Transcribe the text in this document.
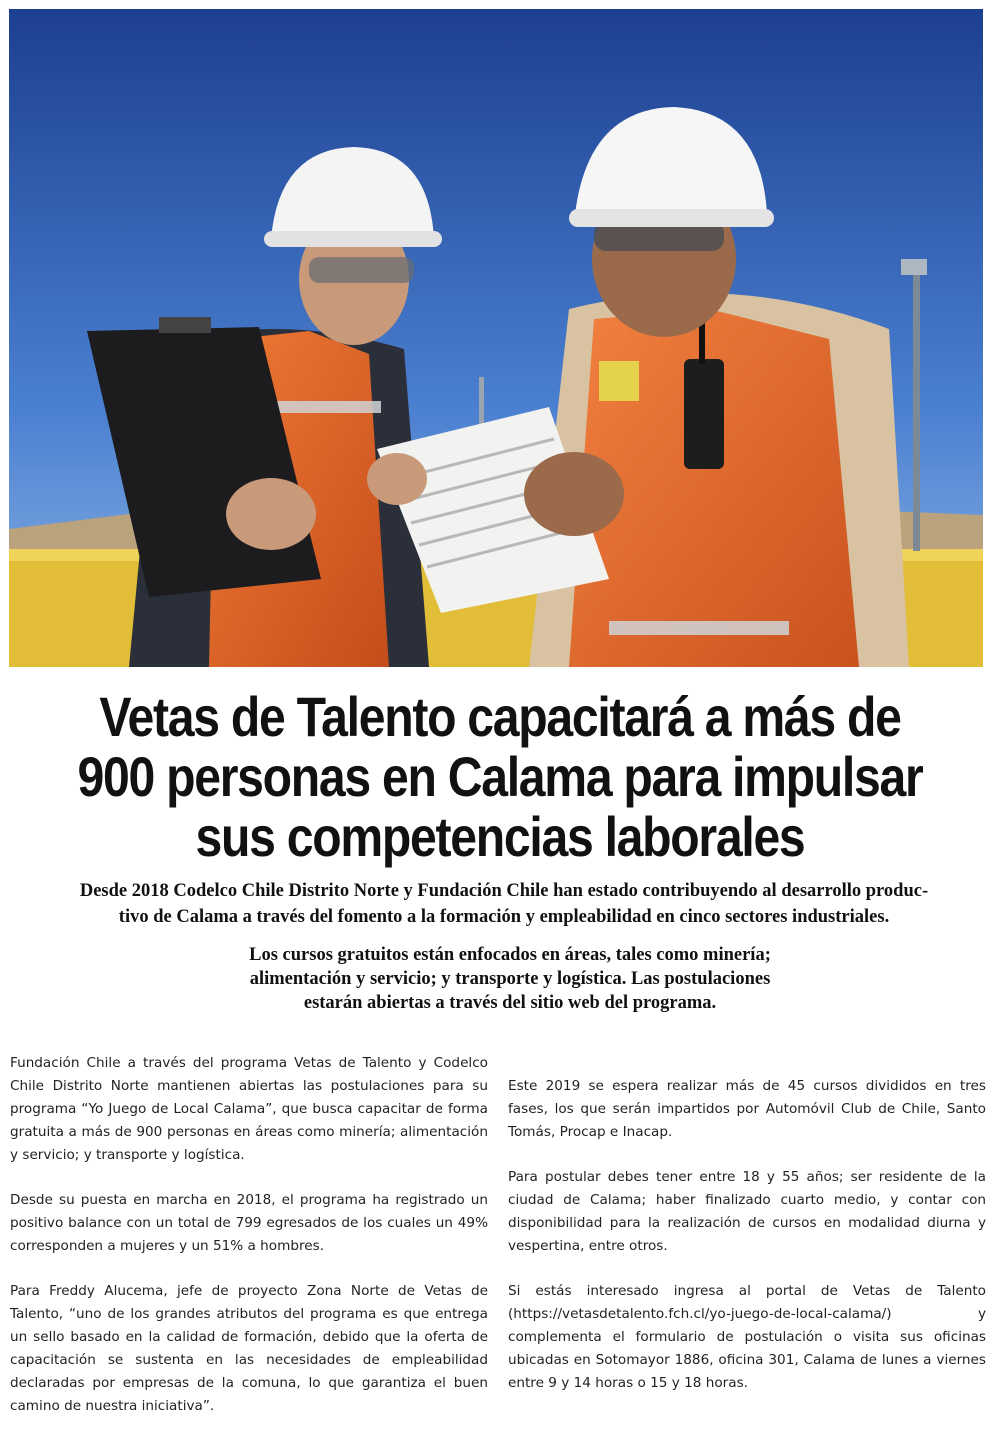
Vetas de Talento capacitará a más de
900 personas en Calama para impulsar
sus competencias laborales

Desde 2018 Codelco Chile Distrito Norte y Fundación Chile han estado contribuyendo al desarrollo produc-
tivo de Calama a través del fomento a la formación y empleabilidad en cinco sectores industriales.

Los cursos gratuitos están enfocados en áreas, tales como minería;
alimentación y servicio; y transporte y logística. Las postulaciones
estarán abiertas a través del sitio web del programa.

Fundación Chile a través del programa Vetas de Talento y Codelco Chile Distrito Norte mantienen abiertas las postulaciones para su programa “Yo Juego de Local Calama”, que busca capacitar de forma gratuita a más de 900 personas en áreas como minería; alimentación y servicio; y transporte y logística.

Desde su puesta en marcha en 2018, el programa ha registrado un positivo balance con un total de 799 egresados de los cuales un 49% corresponden a mujeres y un 51% a hombres.

Para Freddy Alucema, jefe de proyecto Zona Norte de Vetas de Talento, “uno de los grandes atributos del programa es que entrega un sello basado en la calidad de formación, debido que la oferta de capacitación se sustenta en las necesidades de empleabilidad declaradas por empresas de la comuna, lo que garantiza el buen camino de nuestra iniciativa”.

Este 2019 se espera realizar más de 45 cursos divididos en tres fases, los que serán impartidos por Automóvil Club de Chile, Santo Tomás, Procap e Inacap.

Para postular debes tener entre 18 y 55 años; ser residente de la ciudad de Calama; haber finalizado cuarto medio, y contar con disponibilidad para la realización de cursos en modalidad diurna y vespertina, entre otros.

Si estás interesado ingresa al portal de Vetas de Talento (https://vetasdetalento.fch.cl/yo-juego-de-local-calama/) y complementa el formulario de postulación o visita sus oficinas ubicadas en Sotomayor 1886, oficina 301, Calama de lunes a viernes entre 9 y 14 horas o 15 y 18 horas.
